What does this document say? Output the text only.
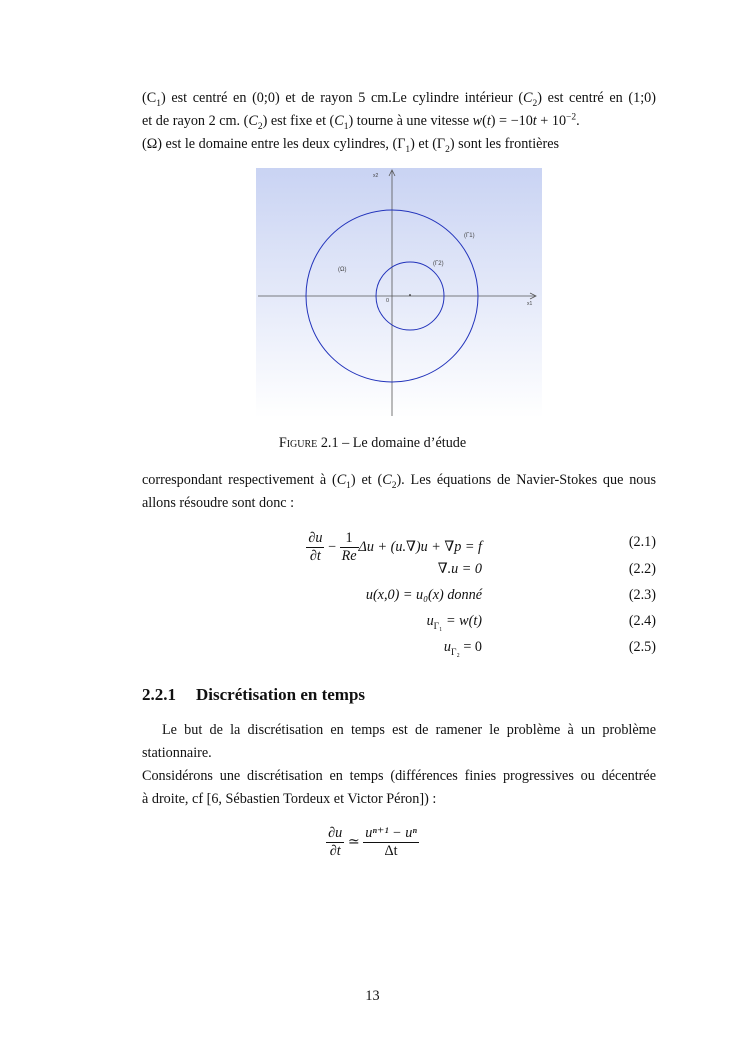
$(C_1)$ est centré en (0;0) et de rayon 5 cm.Le cylindre intérieur $(C_2)$ est centré en (1;0)
et de rayon 2 cm. $(C_2)$ est fixe et $(C_1)$ tourne à une vitesse $w(t) = -10t + 10^{-2}$.
(Ω) est le domaine entre les deux cylindres, $(\Gamma_1)$ et $(\Gamma_2)$ sont les frontières
x2
x1
0
(Γ1)
(Γ2)
(Ω)
Figure 2.1 – Le domaine d’étude
correspondant respectivement à $(C_1)$ et $(C_2)$. Les équations de Navier-Stokes que nous
allons résoudre sont donc :
$\frac{\partial u}{\partial t} - \frac{1}{Re}$ Δu + (u.∇)u + ∇p = f	(2.1)
∇.u = 0	(2.2)
u(x,0) = u₀(x) donné	(2.3)
$u_{\Gamma_1} = w(t)$	(2.4)
$u_{\Gamma_2} = 0$	(2.5)
2.2.1 Discrétisation en temps
Le but de la discrétisation en temps est de ramener le problème à un problème
stationnaire.
Considérons une discrétisation en temps (différences finies progressives ou décentrée
à droite, cf [6, Sébastien Tordeux et Victor Péron]) :
$\frac{\partial u}{\partial t}$ ≃ $\frac{\text{uⁿ⁺¹ − uⁿ}}{\Delta t}$
13
